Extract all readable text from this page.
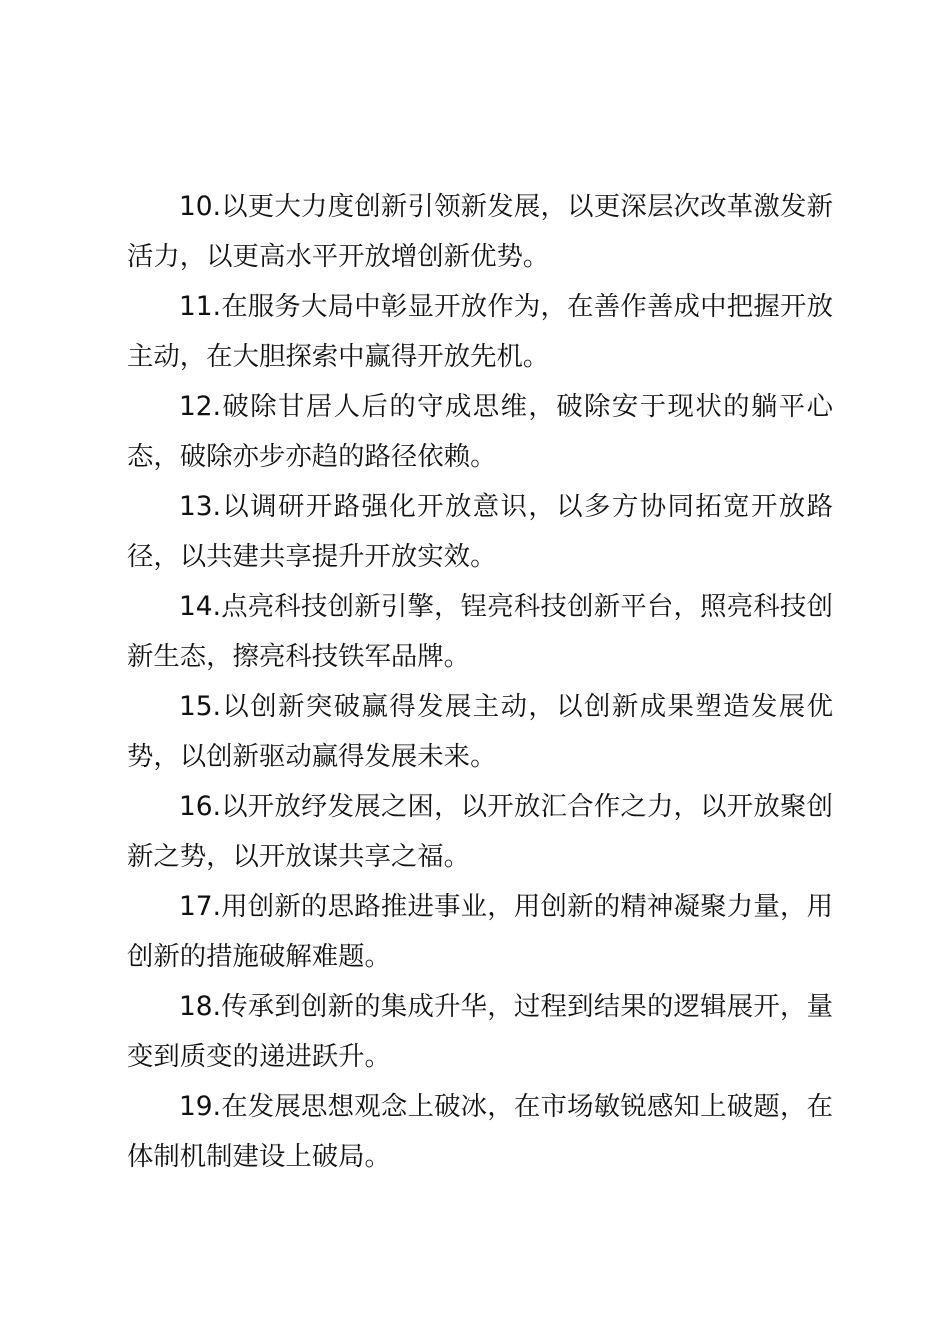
10.以更大力度创新引领新发展，以更深层次改革激发新活力，以更高水平开放增创新优势。

11.在服务大局中彰显开放作为，在善作善成中把握开放主动，在大胆探索中赢得开放先机。

12.破除甘居人后的守成思维，破除安于现状的躺平心态，破除亦步亦趋的路径依赖。

13.以调研开路强化开放意识，以多方协同拓宽开放路径，以共建共享提升开放实效。

14.点亮科技创新引擎，锃亮科技创新平台，照亮科技创新生态，擦亮科技铁军品牌。

15.以创新突破赢得发展主动，以创新成果塑造发展优势，以创新驱动赢得发展未来。

16.以开放纾发展之困，以开放汇合作之力，以开放聚创新之势，以开放谋共享之福。

17.用创新的思路推进事业，用创新的精神凝聚力量，用创新的措施破解难题。

18.传承到创新的集成升华，过程到结果的逻辑展开，量变到质变的递进跃升。

19.在发展思想观念上破冰，在市场敏锐感知上破题，在体制机制建设上破局。
